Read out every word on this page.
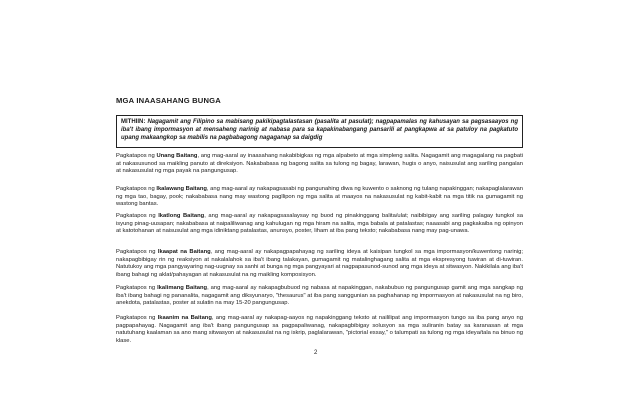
MGA INAASAHANG BUNGA
MITHIIN: Nagagamit ang Filipino sa mabisang pakikipagtalastasan (pasalita at pasulat); nagpapamalas ng kahusayan sa pagsasaayos ng iba't ibang impormasyon at mensaheng narinig at nabasa para sa kapakinabangang pansarili at pangkapwa at sa patuloy na pagkatuto upang makaangkop sa mabilis na pagbabagong nagaganap sa daigdig

Pagkatapos ng Unang Baitang, ang mag-aaral ay inaasahang nakabibigkas ng mga alpabeto at mga simpleng salita. Nagagamit ang magagalang na pagbati at nakasusunod sa maikling panuto at direksiyon. Nakababasa ng bagong salita sa tulong ng bagay, larawan, hugis o anyo, naisusulat ang sariling pangalan at nakasusulat ng mga payak na pangungusap.

Pagkatapos ng Ikalawang Baitang, ang mag-aaral ay nakapagsasabi ng pangunahing diwa ng kuwento o saknong ng tulang napakinggan; nakapaglalarawan ng mga tao, bagay, pook; nakababasa nang may wastong pagllipon ng mga salita at maayos na nakasusulat ng kabit-kabit na mga titik na gumagamit ng wastong bantas.

Pagkatapos ng Ikatlong Baitang, ang mag-aaral ay nakapagsasalaysay ng buod ng pinakinggang balita/ulat; naibibigay ang sariling palagay tungkol sa isyung pinag-uusapan; nakababasa at naipaliliwanag ang kahulugan ng mga hiram na salita, mga babala at patalastas; naaasabi ang pagkakaiba ng opinyon at katotohanan at naisusulat ang mga idiniktang patalastas, anunsyo, poster, liham at iba pang teksto; nakababasa nang may pag-unawa.

Pagkatapos ng Ikaapat na Baitang, ang mag-aaral ay nakapagpapahayag ng sariling ideya at kaisipan tungkol sa mga impormasyon/kuwentong narinig; nakapagbibigay rin ng reaksiyon at nakalalahok sa iba't ibang talakayan, gumagamit ng matalinghagang salita at mga ekspresyong tuwiran at di-tuwiran. Natutukoy ang mga pangyayaring nag-uugnay sa sanhi at bunga ng mga pangyayari at nagpapasunod-sunod ang mga ideya at sitwasyon. Nakikilala ang iba't ibang bahagi ng aklat/pahayagan at nakasusulat na ng maikling komposisyon.

Pagkatapos ng Ikalimang Baitang, ang mag-aaral ay nakapagbubuod ng nabasa at napakinggan, nakabubuo ng pangungusap gamit ang mga sangkap ng iba't ibang bahagi ng pananalita, nagagamit ang diksyunaryo, "thesaurus" at iba pang sanggunian sa paghahanap ng impormasyon at nakasusulat na ng biro, anekdota, patalastas, poster at sulatin na may 15-20 pangungusap.

Pagkatapos ng Ikaanim na Baitang, ang mag-aaral ay nakapag-aayos ng napakinggang teksto at naililipat ang impormasyon tungo sa iba pang anyo ng pagpapahayag. Nagagamit ang iba't ibang pangungusap sa pagpapaliwanag, nakapagbibigay solusyon sa mga suliranin batay sa karanasan at mga natutuhang kaalaman sa ano mang sitwasyon at nakasusulat na ng iskrip, paglalarawan, "pictorial essay," o talumpati sa tulong ng mga ideya/tala na binuo ng klase.

2
